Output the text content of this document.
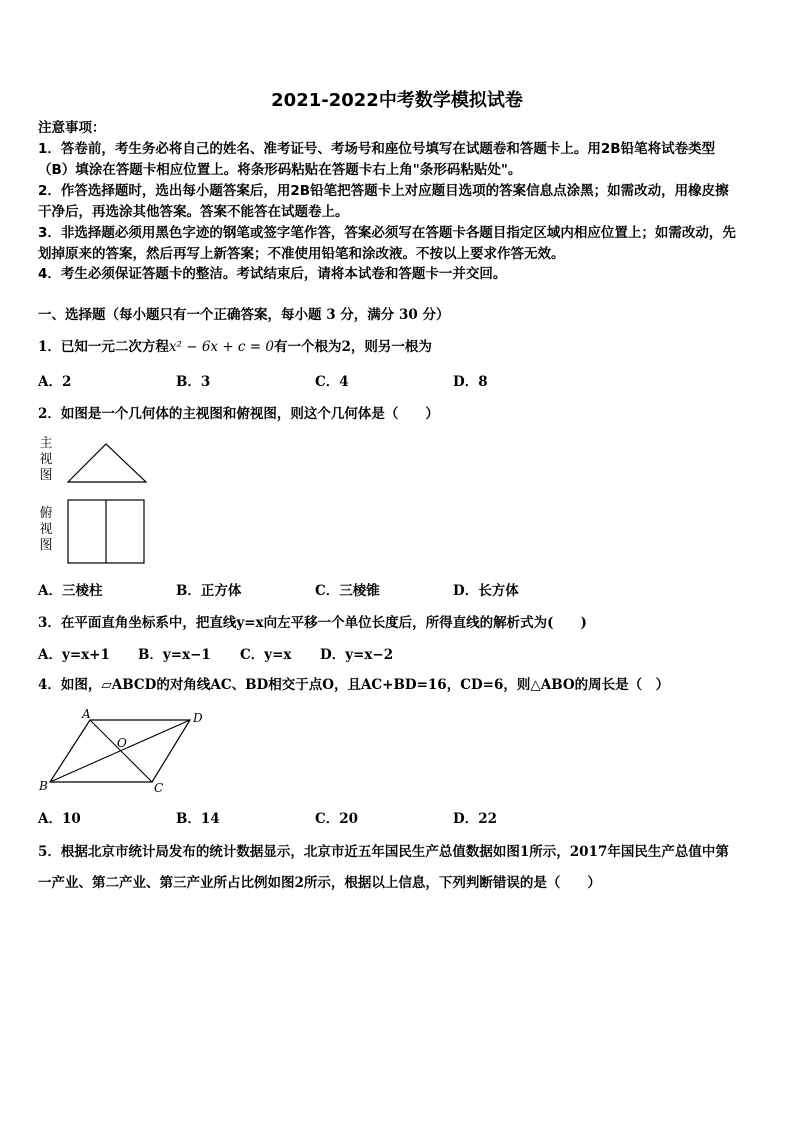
2021-2022中考数学模拟试卷
注意事项：
1．答卷前，考生务必将自己的姓名、准考证号、考场号和座位号填写在试题卷和答题卡上。用2B铅笔将试卷类型
（B）填涂在答题卡相应位置上。将条形码粘贴在答题卡右上角"条形码粘贴处"。
2．作答选择题时，选出每小题答案后，用2B铅笔把答题卡上对应题目选项的答案信息点涂黑；如需改动，用橡皮擦
干净后，再选涂其他答案。答案不能答在试题卷上。
3．非选择题必须用黑色字迹的钢笔或签字笔作答，答案必须写在答题卡各题目指定区域内相应位置上；如需改动，先
划掉原来的答案，然后再写上新答案；不准使用铅笔和涂改液。不按以上要求作答无效。
4．考生必须保证答题卡的整洁。考试结束后，请将本试卷和答题卡一并交回。
一、选择题（每小题只有一个正确答案，每小题 3 分，满分 30 分）
1．已知一元二次方程x² − 6x + c = 0有一个根为2，则另一根为
A．2	B．3	C．4	D．8
2．如图是一个几何体的主视图和俯视图，则这个几何体是（　　）
主
视
图
俯
视
图
A．三棱柱	B．正方体	C．三棱锥	D．长方体
3．在平面直角坐标系中，把直线y=x向左平移一个单位长度后，所得直线的解析式为(　　)
A．y=x+1 B．y=x−1 C．y=x D．y=x−2
4．如图，▱ABCD的对角线AC、BD相交于点O，且AC+BD=16，CD=6，则△ABO的周长是（　）
A	D
B	C
O
A．10	B．14	C．20	D．22
5．根据北京市统计局发布的统计数据显示，北京市近五年国民生产总值数据如图1所示，2017年国民生产总值中第
一产业、第二产业、第三产业所占比例如图2所示，根据以上信息，下列判断错误的是（　　）
